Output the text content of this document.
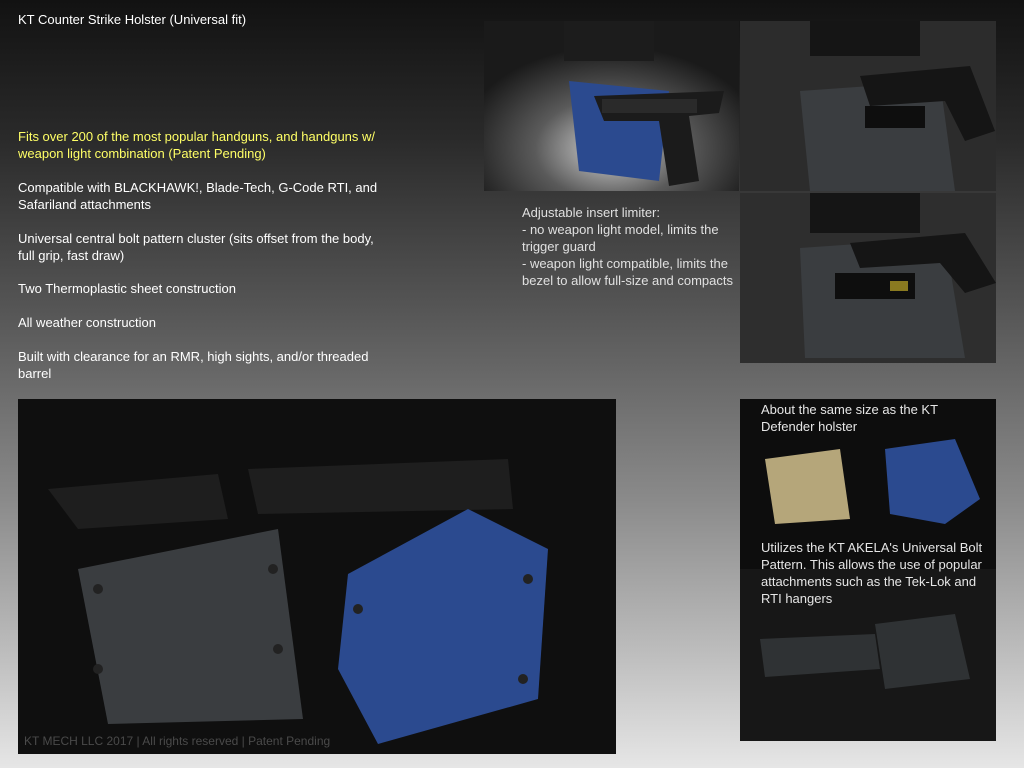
KT Counter Strike Holster (Universal fit)
Fits over 200 of the most popular handguns, and handguns w/ weapon light combination (Patent Pending)
Compatible with BLACKHAWK!, Blade-Tech, G-Code RTI, and Safariland attachments
Universal central bolt pattern cluster (sits offset from the body, full grip, fast draw)
Two Thermoplastic sheet construction
All weather construction
Built with clearance for an RMR, high sights, and/or threaded barrel
Adjustable insert limiter:
- no weapon light model, limits the trigger guard
- weapon light compatible, limits the bezel to allow full-size and compacts
About the same size as the KT Defender holster
Utilizes the KT AKELA's Universal Bolt Pattern. This allows the use of popular attachments such as the Tek-Lok and RTI hangers
KT MECH LLC 2017 | All rights reserved | Patent Pending
